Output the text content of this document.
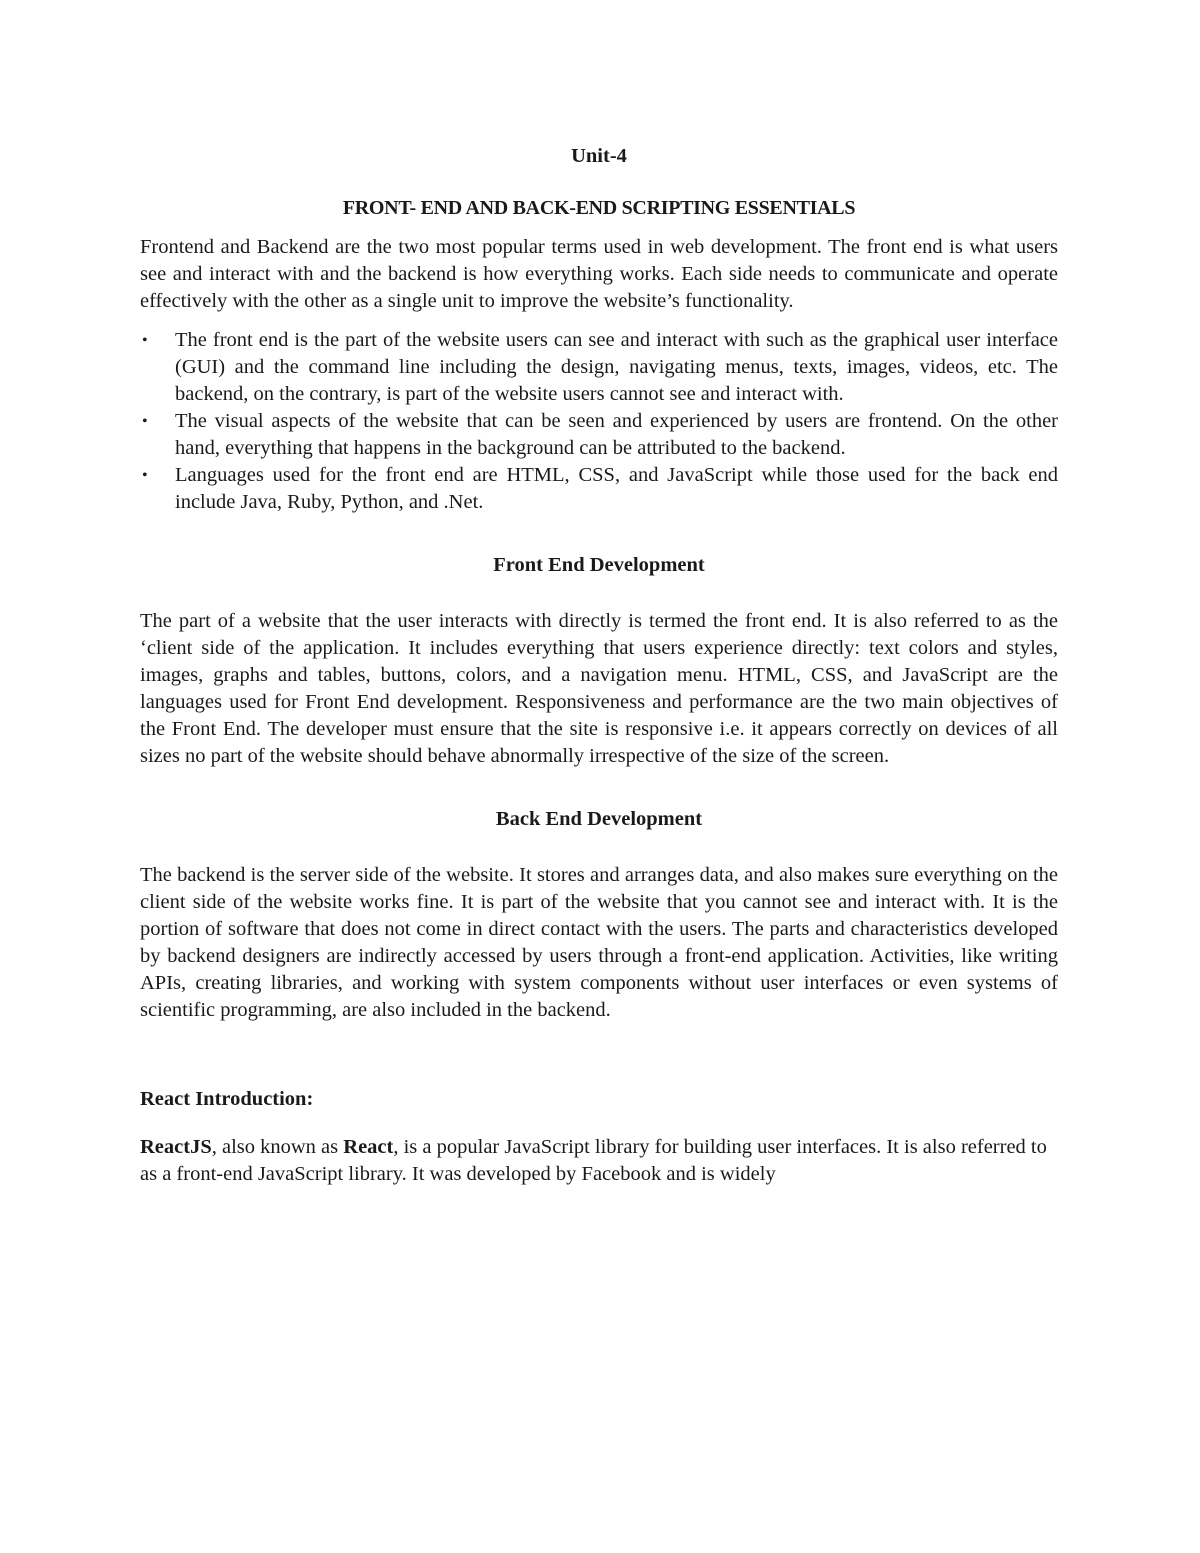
Unit-4
FRONT- END AND BACK-END SCRIPTING ESSENTIALS

Frontend and Backend are the two most popular terms used in web development. The front end is what users see and interact with and the backend is how everything works. Each side needs to communicate and operate effectively with the other as a single unit to improve the website’s functionality.

• The front end is the part of the website users can see and interact with such as the graphical user interface (GUI) and the command line including the design, navigating menus, texts, images, videos, etc. The backend, on the contrary, is part of the website users cannot see and interact with.
• The visual aspects of the website that can be seen and experienced by users are frontend. On the other hand, everything that happens in the background can be attributed to the backend.
• Languages used for the front end are HTML, CSS, and JavaScript while those used for the back end include Java, Ruby, Python, and .Net.
Front End Development

The part of a website that the user interacts with directly is termed the front end. It is also referred to as the ‘client side of the application. It includes everything that users experience directly: text colors and styles, images, graphs and tables, buttons, colors, and a navigation menu. HTML, CSS, and JavaScript are the languages used for Front End development. Responsiveness and performance are the two main objectives of the Front End. The developer must ensure that the site is responsive i.e. it appears correctly on devices of all sizes no part of the website should behave abnormally irrespective of the size of the screen.

Back End Development

The backend is the server side of the website. It stores and arranges data, and also makes sure everything on the client side of the website works fine. It is part of the website that you cannot see and interact with. It is the portion of software that does not come in direct contact with the users. The parts and characteristics developed by backend designers are indirectly accessed by users through a front-end application. Activities, like writing APIs, creating libraries, and working with system components without user interfaces or even systems of scientific programming, are also included in the backend.

React Introduction:

ReactJS, also known as React, is a popular JavaScript library for building user interfaces. It is also referred to as a front-end JavaScript library. It was developed by Facebook and is widely
